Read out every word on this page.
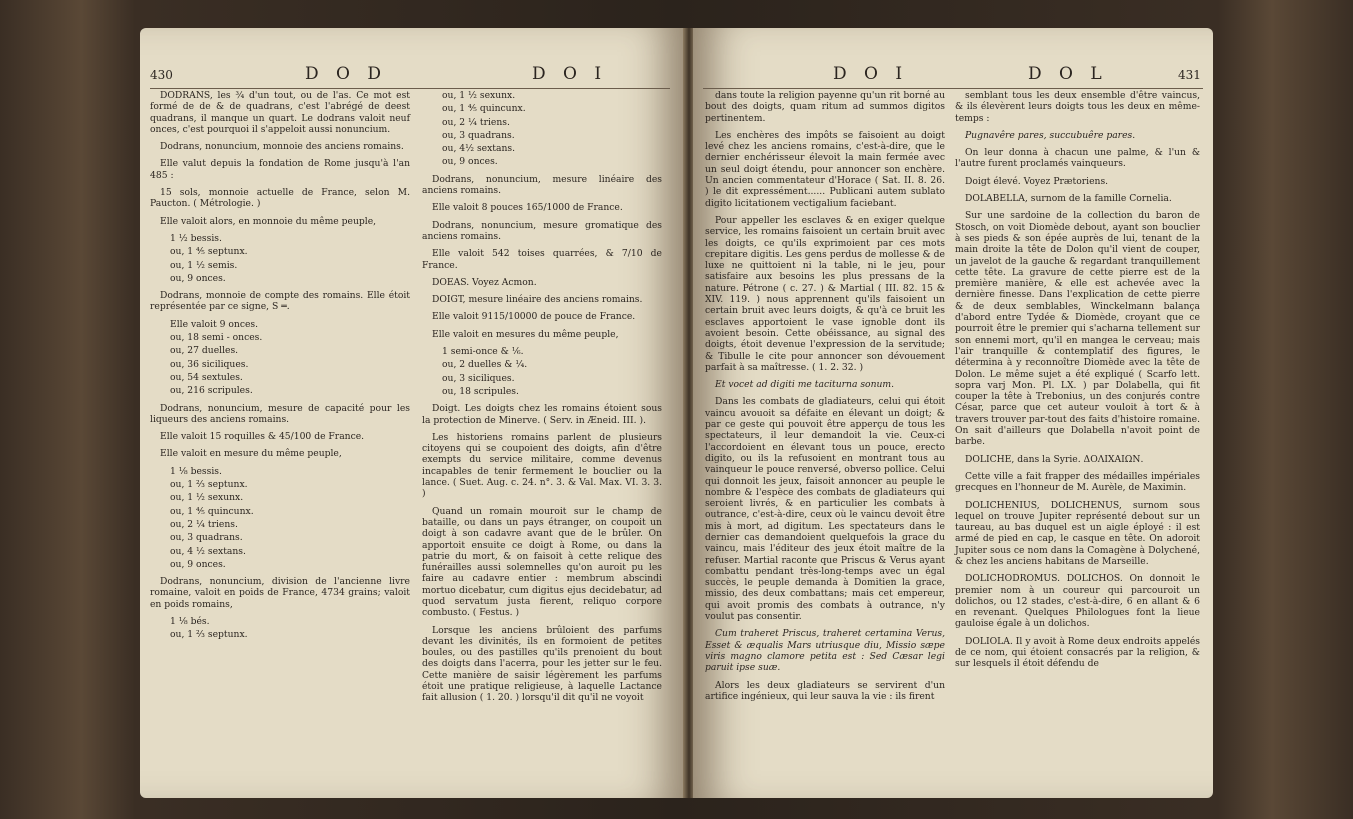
430	D O D	D O I

DODRANS, les ¾ d'un tout, ou de l'as. Ce mot est formé de de & de quadrans, c'est l'abrégé de deest quadrans, il manque un quart. Le dodrans valoit neuf onces, c'est pourquoi il s'appeloit aussi nonuncium.

Dodrans, nonuncium, monnoie des anciens romains.

Elle valut depuis la fondation de Rome jusqu'à l'an 485 :

15 sols, monnoie actuelle de France, selon M. Paucton. ( Métrologie. )

Elle valoit alors, en monnoie du même peuple,

1 ½ bessis.
ou, 1 ⅘ septunx.
ou, 1 ½ semis.
ou, 9 onces.

Dodrans, monnoie de compte des romains. Elle étoit représentée par ce signe, S ═.

Elle valoit 9 onces.
ou, 18 semi - onces.
ou, 27 duelles.
ou, 36 siciliques.
ou, 54 sextules.
ou, 216 scripules.

Dodrans, nonuncium, mesure de capacité pour les liqueurs des anciens romains.

Elle valoit 15 roquilles & 45/100 de France.

Elle valoit en mesure du même peuple,

1 ⅛ bessis.
ou, 1 ⅔ septunx.
ou, 1 ½ sexunx.
ou, 1 ⅘ quincunx.
ou, 2 ¼ triens.
ou, 3 quadrans.
ou, 4 ½ sextans.
ou, 9 onces.

Dodrans, nonuncium, division de l'ancienne livre romaine, valoit en poids de France, 4734 grains; valoit en poids romains,

1 ⅛ bés.
ou, 1 ⅔ septunx.
ou, 1 ½ sexunx.
ou, 1 ⅘ quincunx.
ou, 2 ¼ triens.
ou, 3 quadrans.
ou, 4½ sextans.
ou, 9 onces.

Dodrans, nonuncium, mesure linéaire des anciens romains.

Elle valoit 8 pouces 165/1000 de France.

Dodrans, nonuncium, mesure gromatique des anciens romains.

Elle valoit 542 toises quarrées, & 7/10 de France.

DOEAS. Voyez Acmon.

DOIGT, mesure linéaire des anciens romains.

Elle valoit 9115/10000 de pouce de France.

Elle valoit en mesures du même peuple,

1 semi-once & ⅙.
ou, 2 duelles & ¼.
ou, 3 siciliques.
ou, 18 scripules.

Doigt. Les doigts chez les romains étoient sous la protection de Minerve. ( Serv. in Æneid. III. ).

Les historiens romains parlent de plusieurs citoyens qui se coupoient des doigts, afin d'être exempts du service militaire, comme devenus incapables de tenir fermement le bouclier ou la lance. ( Suet. Aug. c. 24. n°. 3. & Val. Max. VI. 3. 3. )

Quand un romain mouroit sur le champ de bataille, ou dans un pays étranger, on coupoit un doigt à son cadavre avant que de le brûler. On apportoit ensuite ce doigt à Rome, ou dans la patrie du mort, & on faisoit à cette relique des funérailles aussi solemnelles qu'on auroit pu les faire au cadavre entier : membrum abscindi mortuo dicebatur, cum digitus ejus decidebatur, ad quod servatum justa fierent, reliquo corpore combusto. ( Festus. )

Lorsque les anciens brûloient des parfums devant les divinités, ils en formoient de petites boules, ou des pastilles qu'ils prenoient du bout des doigts dans l'acerra, pour les jetter sur le feu. Cette manière de saisir légèrement les parfums étoit une pratique religieuse, à laquelle Lactance fait allusion ( 1. 20. ) lorsqu'il dit qu'il ne voyoit

D O I	D O L	431

dans toute la religion payenne qu'un rit borné au bout des doigts, quam ritum ad summos digitos pertinentem.

Les enchères des impôts se faisoient au doigt levé chez les anciens romains, c'est-à-dire, que le dernier enchérisseur élevoit la main fermée avec un seul doigt étendu, pour annoncer son enchère. Un ancien commentateur d'Horace ( Sat. II. 8. 26. ) le dit expressément...... Publicani autem sublato digito licitationem vectigalium faciebant.

Pour appeller les esclaves & en exiger quelque service, les romains faisoient un certain bruit avec les doigts, ce qu'ils exprimoient par ces mots crepitare digitis. Les gens perdus de mollesse & de luxe ne quittoient ni la table, ni le jeu, pour satisfaire aux besoins les plus pressans de la nature. Pétrone ( c. 27. ) & Martial ( III. 82. 15 & XIV. 119. ) nous apprennent qu'ils faisoient un certain bruit avec leurs doigts, & qu'à ce bruit les esclaves apportoient le vase ignoble dont ils avoient besoin. Cette obéissance, au signal des doigts, étoit devenue l'expression de la servitude; & Tibulle le cite pour annoncer son dévouement parfait à sa maîtresse. ( 1. 2. 32. )

Et vocet ad digiti me taciturna sonum.

Dans les combats de gladiateurs, celui qui étoit vaincu avouoit sa défaite en élevant un doigt; & par ce geste qui pouvoit être apperçu de tous les spectateurs, il leur demandoit la vie. Ceux-ci l'accordoient en élevant tous un pouce, erecto digito, ou ils la refusoient en montrant tous au vainqueur le pouce renversé, obverso pollice. Celui qui donnoit les jeux, faisoit annoncer au peuple le nombre & l'espèce des combats de gladiateurs qui seroient livrés, & en particulier les combats à outrance, c'est-à-dire, ceux où le vaincu devoit être mis à mort, ad digitum. Les spectateurs dans le dernier cas demandoient quelquefois la grace du vaincu, mais l'éditeur des jeux étoit maître de la refuser. Martial raconte que Priscus & Verus ayant combattu pendant très-long-temps avec un égal succès, le peuple demanda à Domitien la grace, missio, des deux combattans; mais cet empereur, qui avoit promis des combats à outrance, n'y voulut pas consentir.

Cum traheret Priscus, traheret certamina Verus, Esset & æqualis Mars utriusque diu, Missio sæpe viris magno clamore petita est : Sed Cæsar legi paruit ipse suæ.

Alors les deux gladiateurs se servirent d'un artifice ingénieux, qui leur sauva la vie : ils firent

semblant tous les deux ensemble d'être vaincus, & ils élevèrent leurs doigts tous les deux en même-temps :

Pugnavêre pares, succubuêre pares.

On leur donna à chacun une palme, & l'un & l'autre furent proclamés vainqueurs.

Doigt élevé. Voyez Prætoriens.

DOLABELLA, surnom de la famille Cornelia.

Sur une sardoine de la collection du baron de Stosch, on voit Diomède debout, ayant son bouclier à ses pieds & son épée auprès de lui, tenant de la main droite la tête de Dolon qu'il vient de couper, un javelot de la gauche & regardant tranquillement cette tête. La gravure de cette pierre est de la première manière, & elle est achevée avec la dernière finesse. Dans l'explication de cette pierre & de deux semblables, Winckelmann balança d'abord entre Tydée & Diomède, croyant que ce pourroit être le premier qui s'acharna tellement sur son ennemi mort, qu'il en mangea le cerveau; mais l'air tranquille & contemplatif des figures, le détermina à y reconnoître Diomède avec la tête de Dolon. Le même sujet a été expliqué ( Scarfo lett. sopra varj Mon. Pl. LX. ) par Dolabella, qui fit couper la tête à Trebonius, un des conjurés contre César, parce que cet auteur vouloit à tort & à travers trouver par-tout des faits d'histoire romaine. On sait d'ailleurs que Dolabella n'avoit point de barbe.

DOLICHE, dans la Syrie. ΔΟΛΙΧΑΙΩΝ.

Cette ville a fait frapper des médailles impériales grecques en l'honneur de M. Aurèle, de Maximin.

DOLICHENIUS, DOLICHENUS, surnom sous lequel on trouve Jupiter représenté debout sur un taureau, au bas duquel est un aigle éployé : il est armé de pied en cap, le casque en tête. On adoroit Jupiter sous ce nom dans la Comagène à Dolychené, & chez les anciens habitans de Marseille.

DOLICHODROMUS. DOLICHOS. On donnoit le premier nom à un coureur qui parcouroit un dolichos, ou 12 stades, c'est-à-dire, 6 en allant & 6 en revenant. Quelques Philologues font la lieue gauloise égale à un dolichos.

DOLIOLA. Il y avoit à Rome deux endroits appelés de ce nom, qui étoient consacrés par la religion, & sur lesquels il étoit défendu de
